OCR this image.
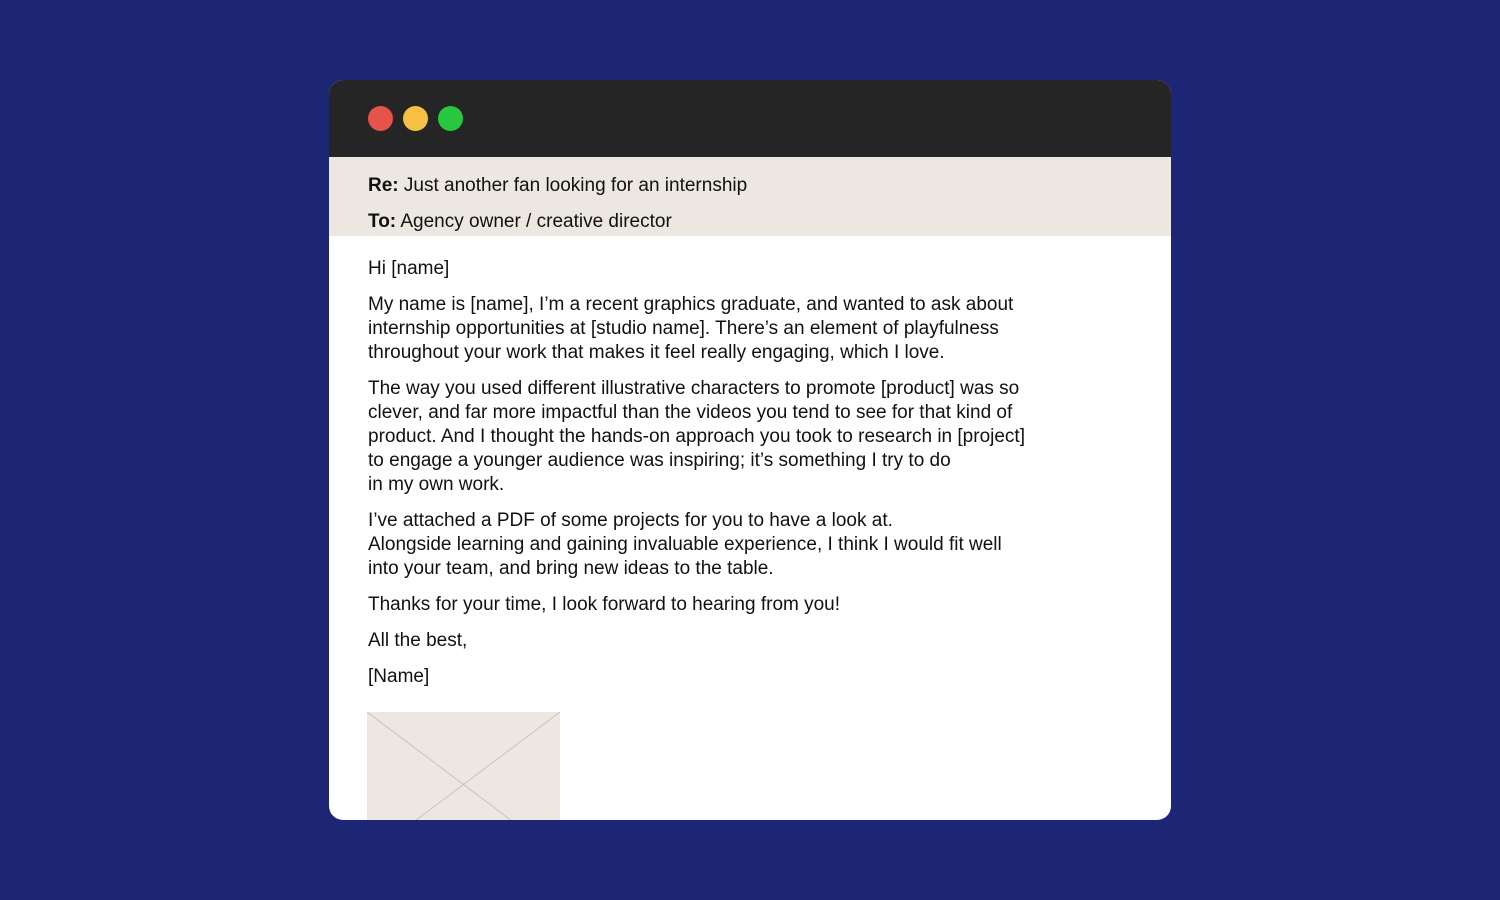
Re: Just another fan looking for an internship
To: Agency owner / creative director

Hi [name]

My name is [name], I’m a recent graphics graduate, and wanted to ask about
internship opportunities at [studio name]. There’s an element of playfulness
throughout your work that makes it feel really engaging, which I love.

The way you used different illustrative characters to promote [product] was so
clever, and far more impactful than the videos you tend to see for that kind of
product. And I thought the hands-on approach you took to research in [project]
to engage a younger audience was inspiring; it’s something I try to do
in my own work.

I’ve attached a PDF of some projects for you to have a look at.
Alongside learning and gaining invaluable experience, I think I would fit well
into your team, and bring new ideas to the table.

Thanks for your time, I look forward to hearing from you!

All the best,

[Name]
